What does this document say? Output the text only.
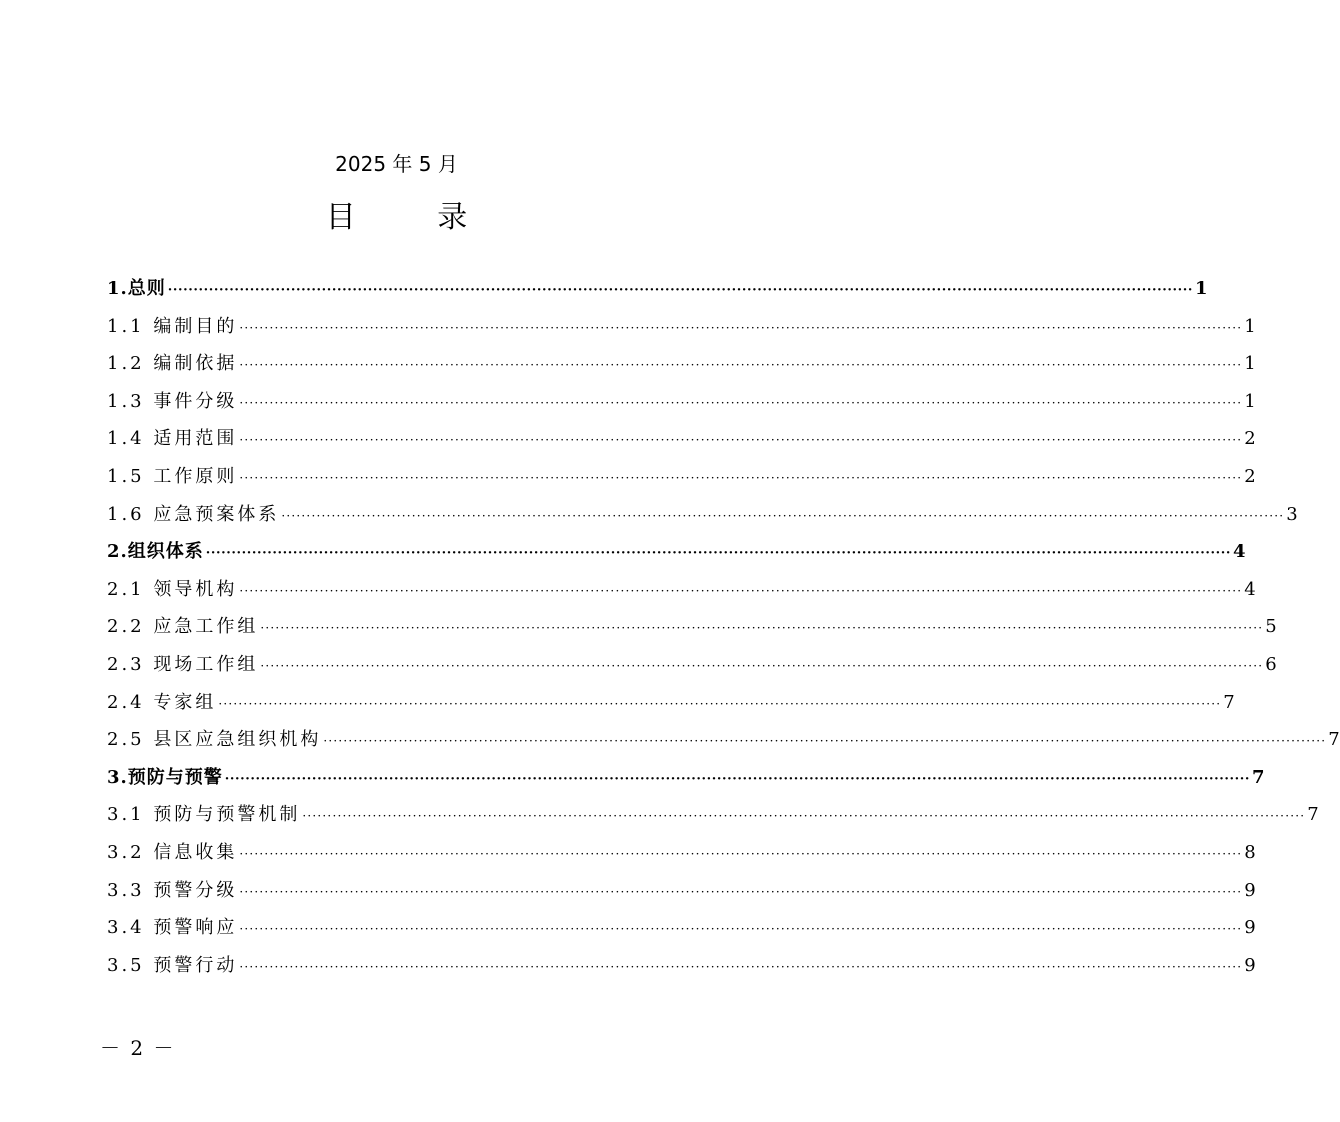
2025 年 5 月
目 录
1.总则 ········································································································································································································ 1
1.1 编制目的 ········································································································································································································ 1
1.2 编制依据 ········································································································································································································ 1
1.3 事件分级 ········································································································································································································ 1
1.4 适用范围 ········································································································································································································ 2
1.5 工作原则 ········································································································································································································ 2
1.6 应急预案体系 ········································································································································································································ 3
2.组织体系 ········································································································································································································ 4
2.1 领导机构 ········································································································································································································ 4
2.2 应急工作组 ········································································································································································································ 5
2.3 现场工作组 ········································································································································································································ 6
2.4 专家组 ········································································································································································································ 7
2.5 县区应急组织机构 ········································································································································································································ 7
3.预防与预警 ········································································································································································································ 7
3.1 预防与预警机制 ········································································································································································································ 7
3.2 信息收集 ········································································································································································································ 8
3.3 预警分级 ········································································································································································································ 9
3.4 预警响应 ········································································································································································································ 9
3.5 预警行动 ········································································································································································································ 9
－ 2 －
